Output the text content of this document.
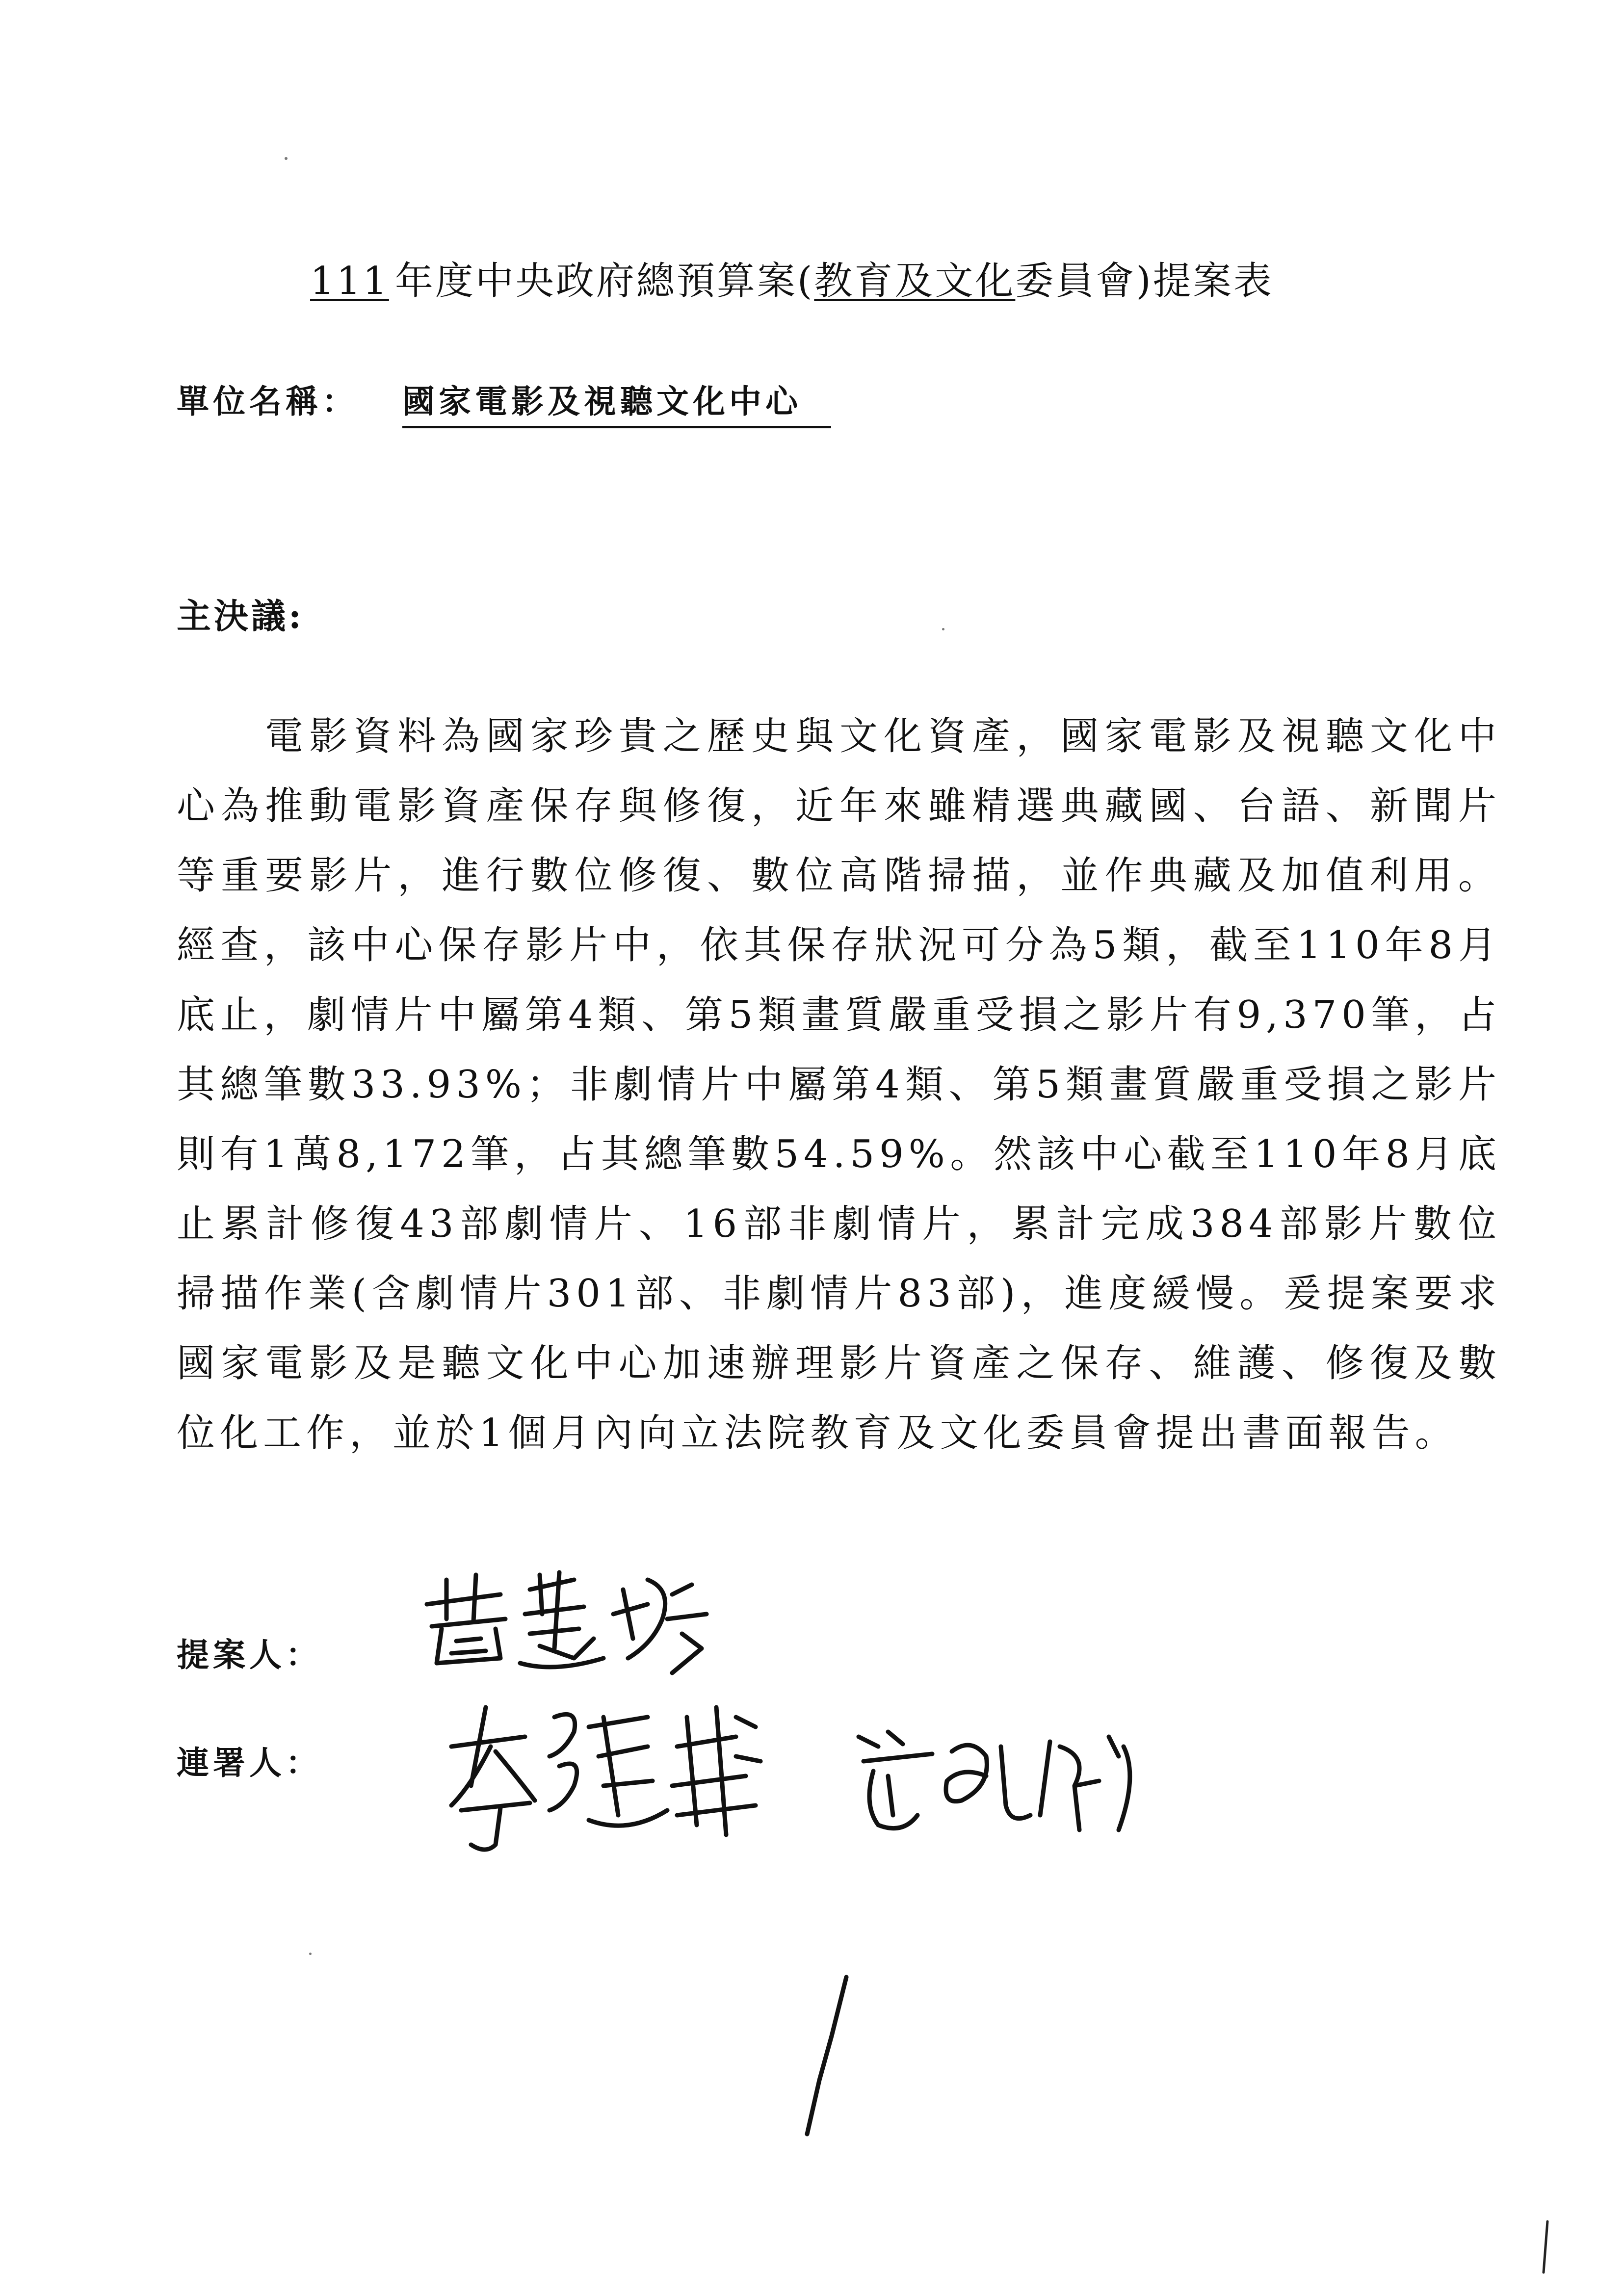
111 年度中央政府總預算案(教育及文化委員會)提案表
單位名稱： 國家電影及視聽文化中心
主決議:
電影資料為國家珍貴之歷史與文化資產，國家電影及視聽文化中心為推動電影資產保存與修復，近年來雖精選典藏國、台語、新聞片等重要影片，進行數位修復、數位高階掃描，並作典藏及加值利用。經查，該中心保存影片中，依其保存狀況可分為5類，截至110年8月底止，劇情片中屬第4類、第5類畫質嚴重受損之影片有9,370筆，占其總筆數33.93%；非劇情片中屬第4類、第5類畫質嚴重受損之影片則有1萬8,172筆，占其總筆數54.59%。然該中心截至110年8月底止累計修復43部劇情片、16部非劇情片，累計完成384部影片數位掃描作業(含劇情片301部、非劇情片83部)，進度緩慢。爰提案要求國家電影及是聽文化中心加速辦理影片資產之保存、維護、修復及數位化工作，並於1個月內向立法院教育及文化委員會提出書面報告。
提案人：
連署人：
